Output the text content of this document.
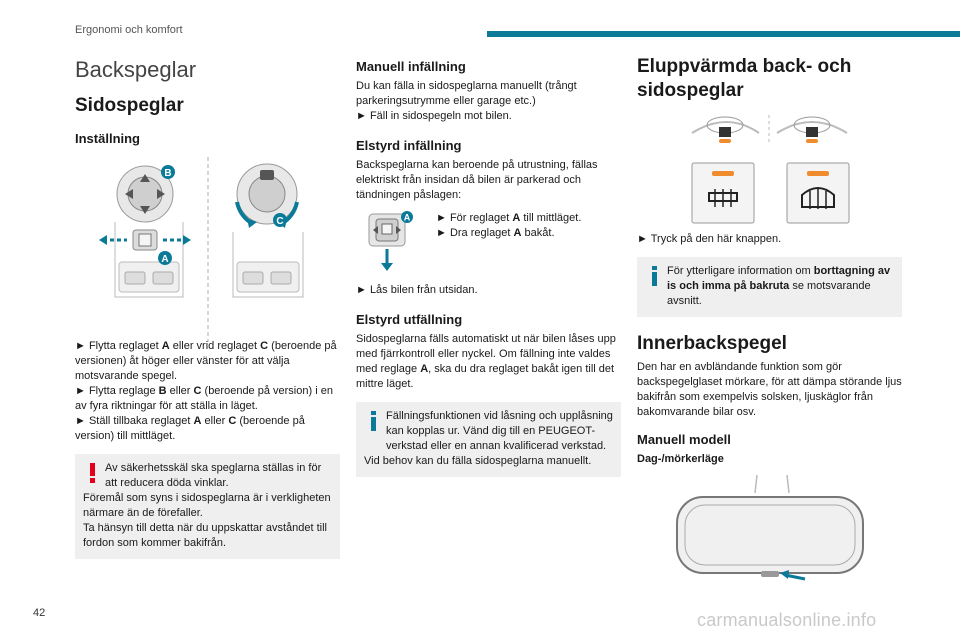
Ergonomi och komfort
Backspeglar
Sidospeglar
Inställning
B
A
C

► Flytta reglaget A eller vrid reglaget C (beroende på versionen) åt höger eller vänster för att välja motsvarande spegel.

► Flytta reglage B eller C (beroende på version) i en av fyra riktningar för att ställa in läget.

► Ställ tillbaka reglaget A eller C (beroende på version) till mittläget.

Av säkerhetsskäl ska speglarna ställas in för att reducera döda vinklar.

Föremål som syns i sidospeglarna är i verkligheten närmare än de förefaller.

Ta hänsyn till detta när du uppskattar avståndet till fordon som kommer bakifrån.

Manuell infällning

Du kan fälla in sidospeglarna manuellt (trångt parkeringsutrymme eller garage etc.)

► Fäll in sidospegeln mot bilen.

Elstyrd infällning

Backspeglarna kan beroende på utrustning, fällas elektriskt från insidan då bilen är parkerad och tändningen påslagen:

A ► För reglaget A till mittläget.

► Dra reglaget A bakåt.

► Lås bilen från utsidan.

Elstyrd utfällning

Sidospeglarna fälls automatiskt ut när bilen låses upp med fjärrkontroll eller nyckel. Om fällning inte valdes med reglage A, ska du dra reglaget bakåt igen till det mittre läget.

Fällningsfunktionen vid låsning och upplåsning kan kopplas ur. Vänd dig till en PEUGEOT-verkstad eller en annan kvalificerad verkstad.

Vid behov kan du fälla sidospeglarna manuellt.

Eluppvärmda back- och sidospeglar

► Tryck på den här knappen.

För ytterligare information om borttagning av is och imma på bakruta se motsvarande avsnitt.

Innerbackspegel

Den har en avbländande funktion som gör backspegelglaset mörkare, för att dämpa störande ljus bakifrån som exempelvis solsken, ljuskäglor från bakomvarande bilar osv.

Manuell modell
Dag-/mörkerläge
42	carmanualsonline.info
